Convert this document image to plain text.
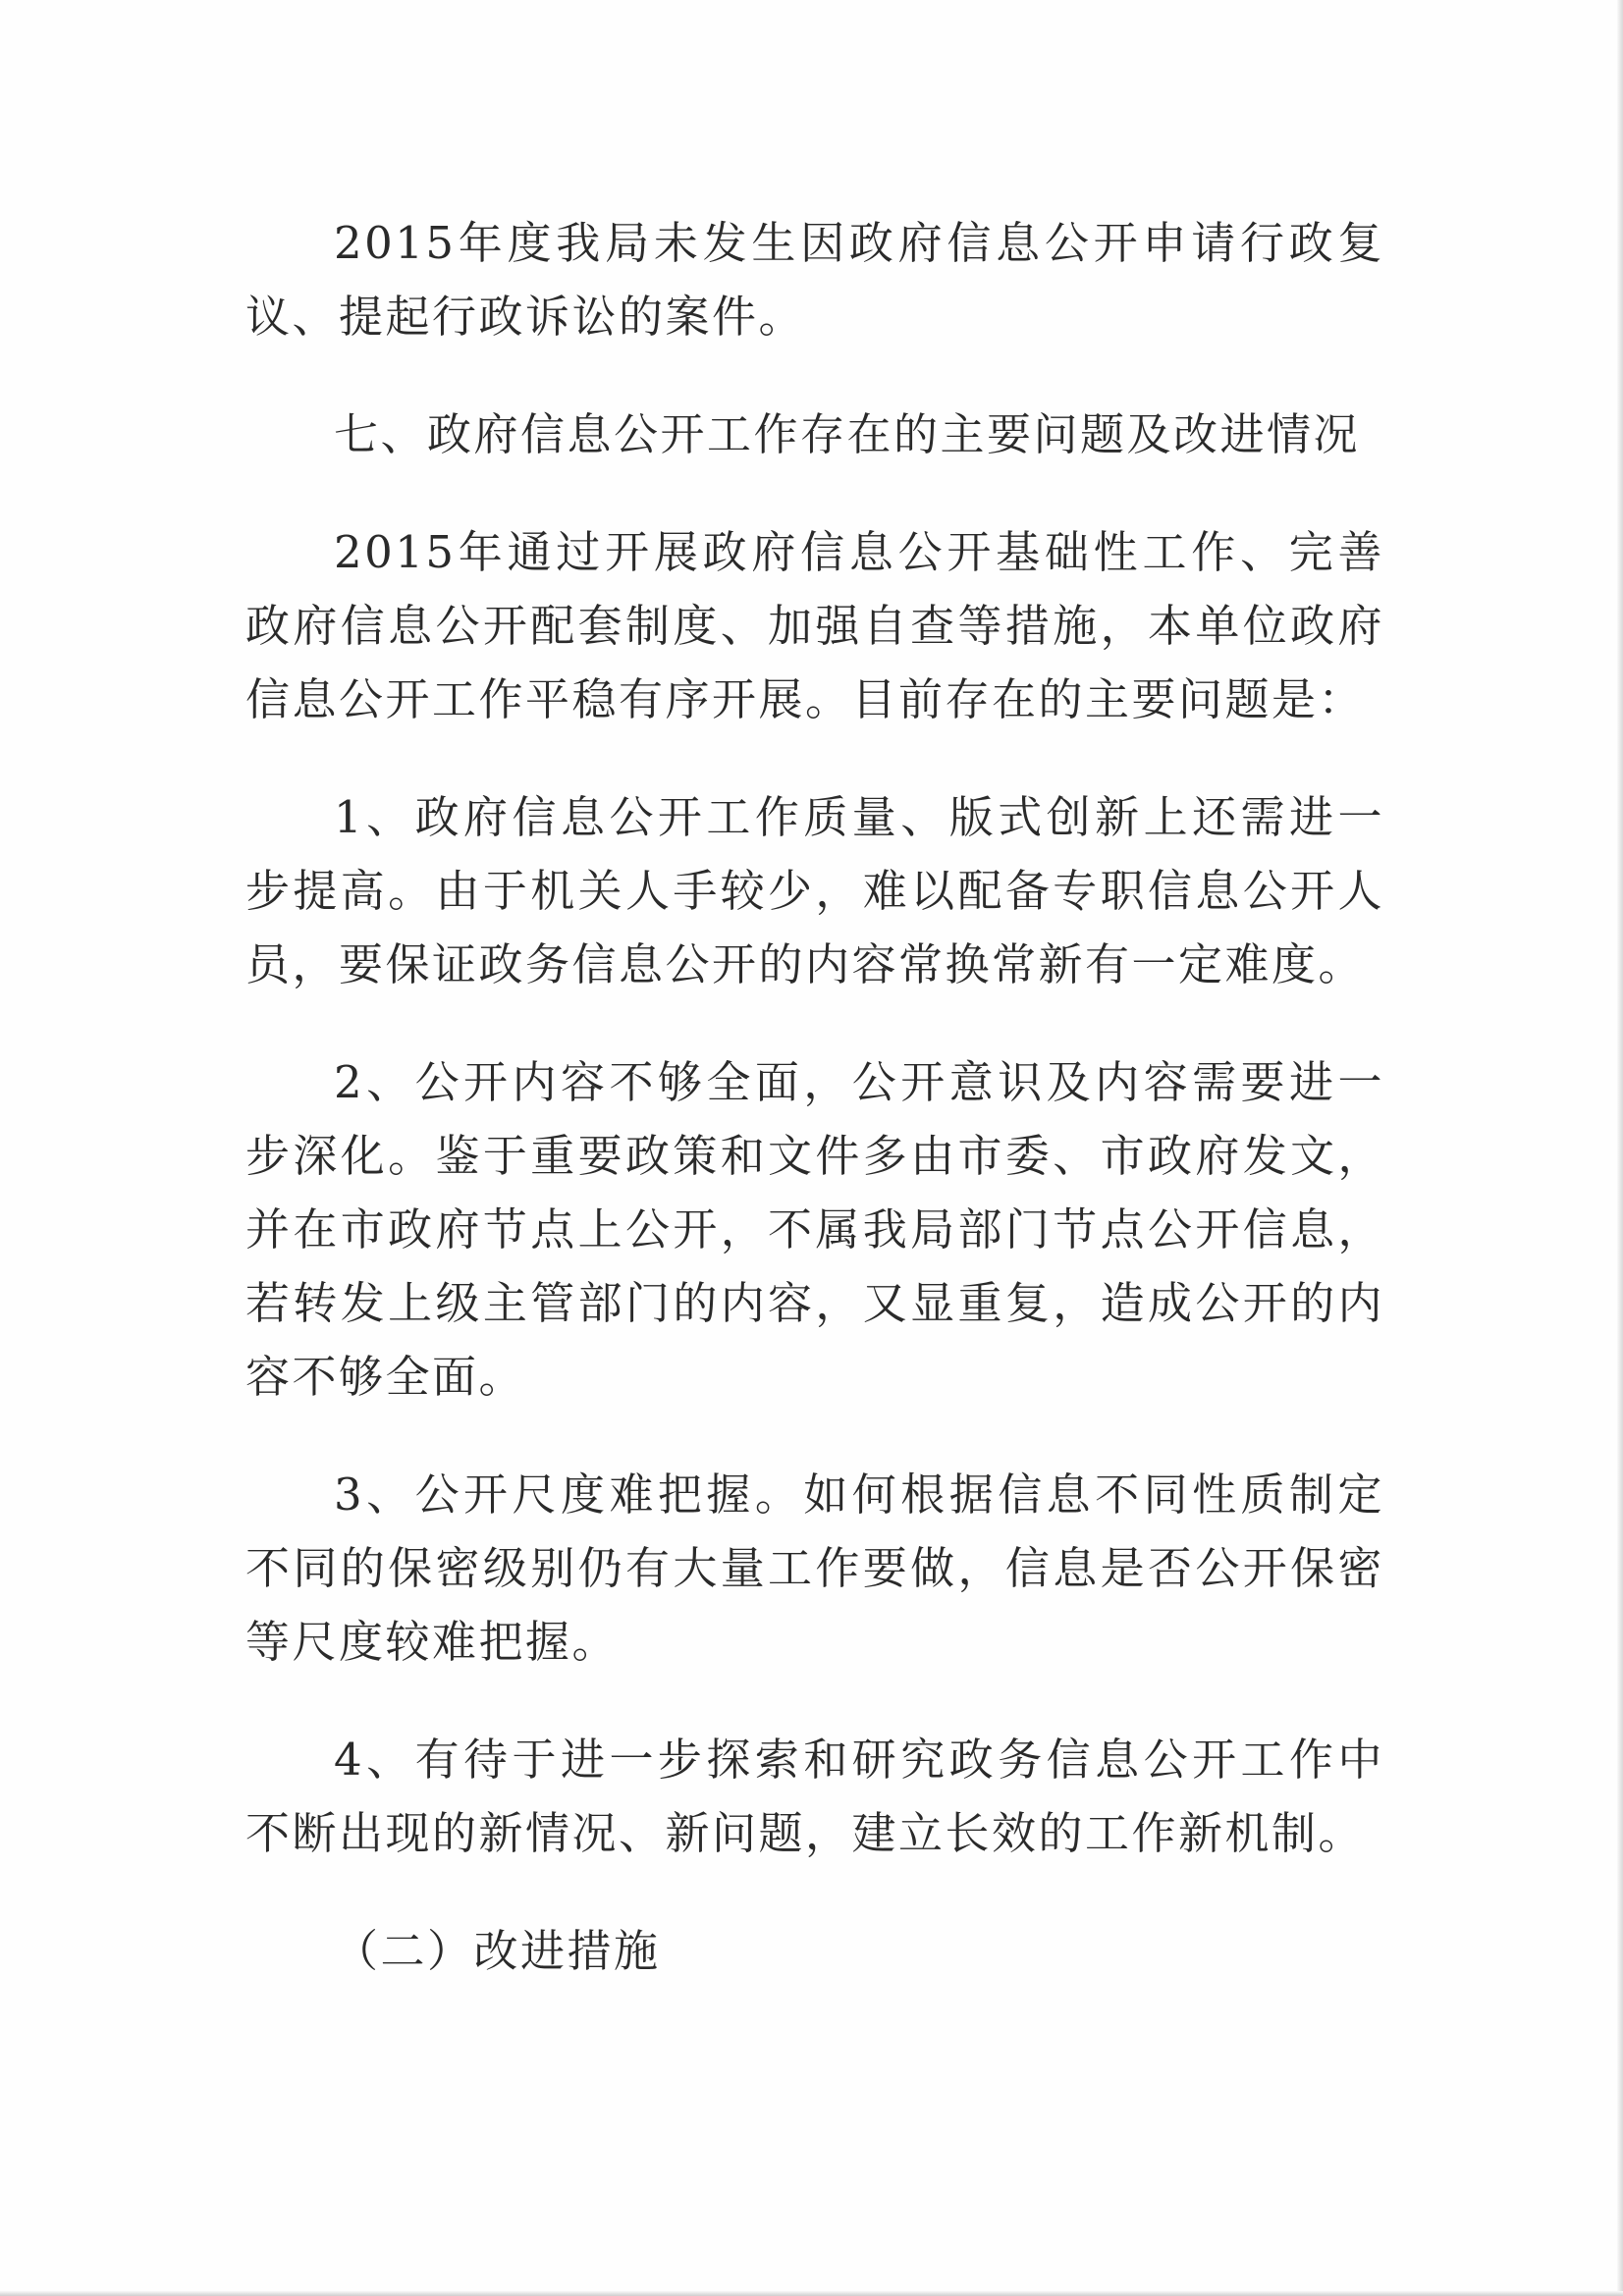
2015年度我局未发生因政府信息公开申请行政复议、提起行政诉讼的案件。

七、政府信息公开工作存在的主要问题及改进情况

2015年通过开展政府信息公开基础性工作、完善政府信息公开配套制度、加强自查等措施，本单位政府信息公开工作平稳有序开展。目前存在的主要问题是：

1、政府信息公开工作质量、版式创新上还需进一步提高。由于机关人手较少，难以配备专职信息公开人员，要保证政务信息公开的内容常换常新有一定难度。

2、公开内容不够全面，公开意识及内容需要进一步深化。鉴于重要政策和文件多由市委、市政府发文，并在市政府节点上公开，不属我局部门节点公开信息，若转发上级主管部门的内容，又显重复，造成公开的内容不够全面。

3、公开尺度难把握。如何根据信息不同性质制定不同的保密级别仍有大量工作要做，信息是否公开保密等尺度较难把握。

4、有待于进一步探索和研究政务信息公开工作中不断出现的新情况、新问题，建立长效的工作新机制。

（二）改进措施
